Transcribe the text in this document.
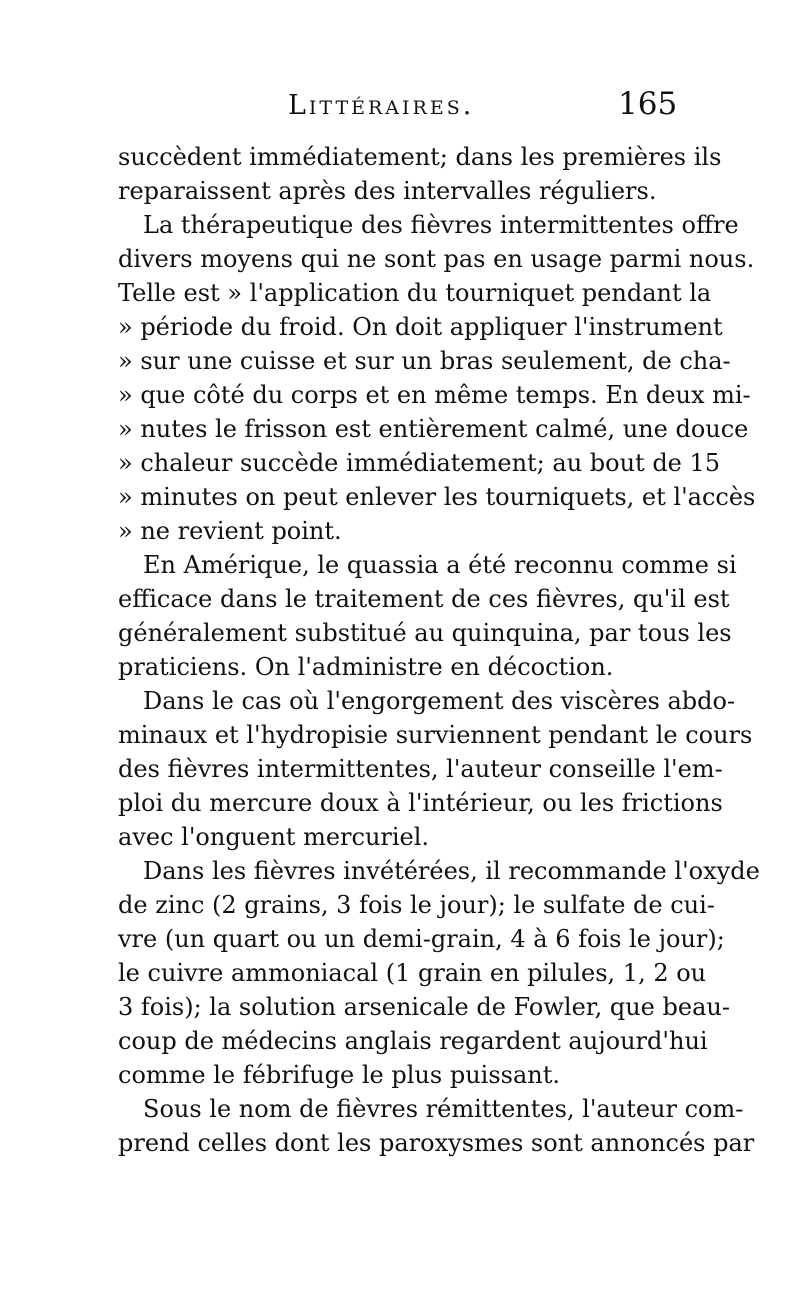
Littéraires.	165
succèdent immédiatement; dans les premières ils
reparaissent après des intervalles réguliers.
La thérapeutique des fièvres intermittentes offre
divers moyens qui ne sont pas en usage parmi nous.
Telle est » l'application du tourniquet pendant la
» période du froid. On doit appliquer l'instrument
» sur une cuisse et sur un bras seulement, de cha-
» que côté du corps et en même temps. En deux mi-
» nutes le frisson est entièrement calmé, une douce
» chaleur succède immédiatement; au bout de 15
» minutes on peut enlever les tourniquets, et l'accès
» ne revient point.
En Amérique, le quassia a été reconnu comme si
efficace dans le traitement de ces fièvres, qu'il est
généralement substitué au quinquina, par tous les
praticiens. On l'administre en décoction.
Dans le cas où l'engorgement des viscères abdo-
minaux et l'hydropisie surviennent pendant le cours
des fièvres intermittentes, l'auteur conseille l'em-
ploi du mercure doux à l'intérieur, ou les frictions
avec l'onguent mercuriel.
Dans les fièvres invétérées, il recommande l'oxyde
de zinc (2 grains, 3 fois le jour); le sulfate de cui-
vre (un quart ou un demi-grain, 4 à 6 fois le jour);
le cuivre ammoniacal (1 grain en pilules, 1, 2 ou
3 fois); la solution arsenicale de Fowler, que beau-
coup de médecins anglais regardent aujourd'hui
comme le fébrifuge le plus puissant.
Sous le nom de fièvres rémittentes, l'auteur com-
prend celles dont les paroxysmes sont annoncés par
